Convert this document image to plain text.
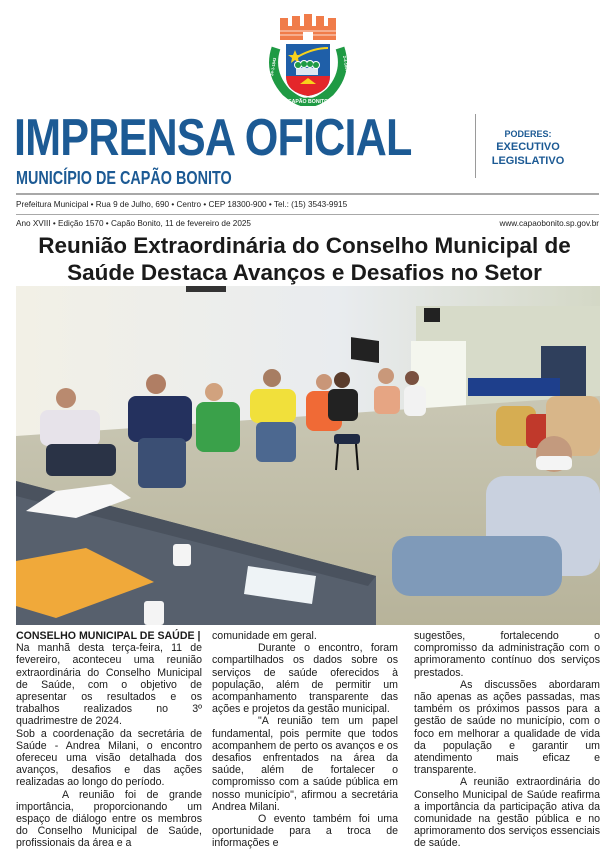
CAPÃO BONITO
24-1-1843	2-4-1857
IMPRENSA OFICIAL
MUNICÍPIO DE CAPÃO BONITO
PODERES:
EXECUTIVO
LEGISLATIVO
Prefeitura Municipal • Rua 9 de Julho, 690 • Centro • CEP 18300-900 • Tel.: (15) 3543-9915
Ano XVIII • Edição 1570 • Capão Bonito, 11 de fevereiro de 2025	www.capaobonito.sp.gov.br
Reunião Extraordinária do Conselho Municipal de
Saúde Destaca Avanços e Desafios no Setor

CONSELHO MUNICIPAL DE SAÚDE |

Na manhã desta terça-feira, 11 de fevereiro, aconteceu uma reunião extraordinária do Conselho Municipal de Saúde, com o objetivo de apresentar os resultados e os trabalhos realizados no 3º quadrimestre de 2024.

Sob a coordenação da secretária de Saúde - Andrea Milani, o encontro ofereceu uma visão detalhada dos avanços, desafios e das ações realizadas ao longo do período.

A reunião foi de grande importância, proporcionando um espaço de diálogo entre os membros do Conselho Municipal de Saúde, profissionais da área e a

comunidade em geral.

Durante o encontro, foram compartilhados os dados sobre os serviços de saúde oferecidos à população, além de permitir um acompanhamento transparente das ações e projetos da gestão municipal.

"A reunião tem um papel fundamental, pois permite que todos acompanhem de perto os avanços e os desafios enfrentados na área da saúde, além de fortalecer o compromisso com a saúde pública em nosso município", afirmou a secretária Andrea Milani.

O evento também foi uma oportunidade para a troca de informações e

sugestões, fortalecendo o compromisso da administração com o aprimoramento contínuo dos serviços prestados.

As discussões abordaram não apenas as ações passadas, mas também os próximos passos para a gestão de saúde no município, com o foco em melhorar a qualidade de vida da população e garantir um atendimento mais eficaz e transparente.

A reunião extraordinária do Conselho Municipal de Saúde reafirma a importância da participação ativa da comunidade na gestão pública e no aprimoramento dos serviços essenciais de saúde.
